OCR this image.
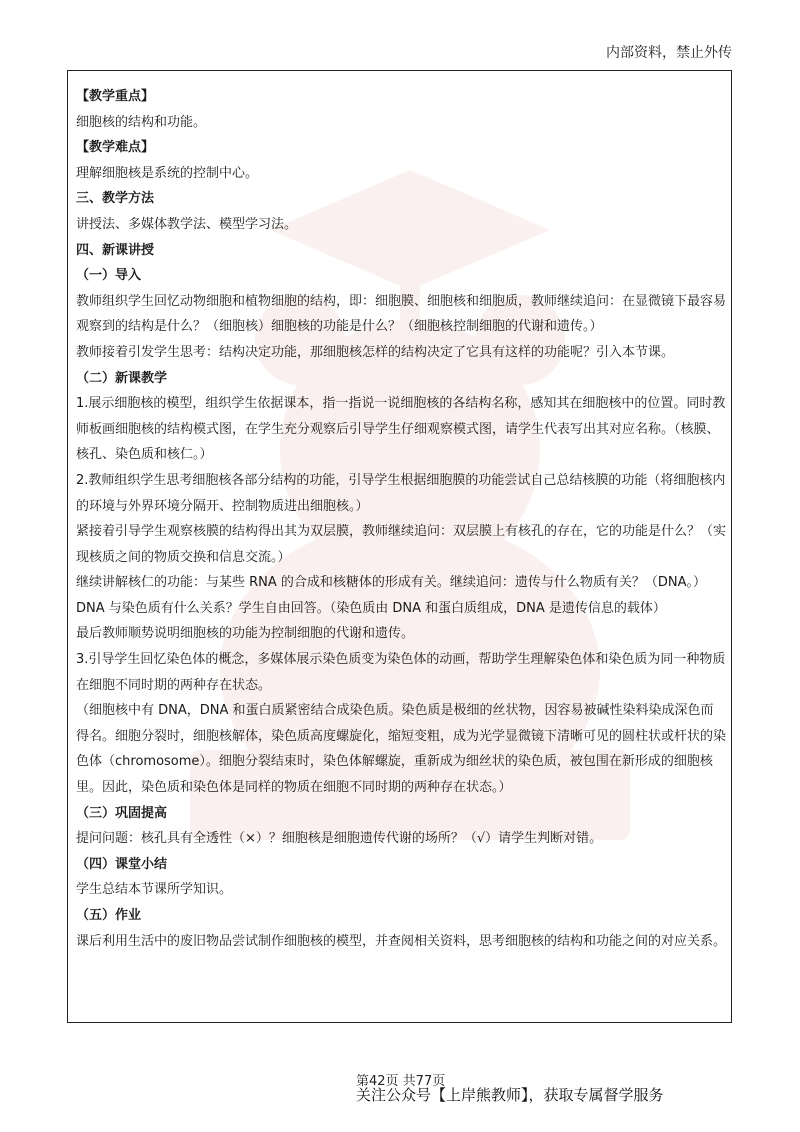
内部资料，禁止外传

【教学重点】

细胞核的结构和功能。

【教学难点】

理解细胞核是系统的控制中心。

三、教学方法

讲授法、多媒体教学法、模型学习法。

四、新课讲授

（一）导入

教师组织学生回忆动物细胞和植物细胞的结构，即：细胞膜、细胞核和细胞质，教师继续追问：在显微镜下最容易观察到的结构是什么？（细胞核）细胞核的功能是什么？（细胞核控制细胞的代谢和遗传。）

教师接着引发学生思考：结构决定功能，那细胞核怎样的结构决定了它具有这样的功能呢？引入本节课。

（二）新课教学

1.展示细胞核的模型，组织学生依据课本，指一指说一说细胞核的各结构名称，感知其在细胞核中的位置。同时教师板画细胞核的结构模式图，在学生充分观察后引导学生仔细观察模式图，请学生代表写出其对应名称。（核膜、核孔、染色质和核仁。）

2.教师组织学生思考细胞核各部分结构的功能，引导学生根据细胞膜的功能尝试自己总结核膜的功能（将细胞核内的环境与外界环境分隔开、控制物质进出细胞核。）

紧接着引导学生观察核膜的结构得出其为双层膜，教师继续追问：双层膜上有核孔的存在，它的功能是什么？（实现核质之间的物质交换和信息交流。）

继续讲解核仁的功能：与某些 RNA 的合成和核糖体的形成有关。继续追问：遗传与什么物质有关？（DNA。）DNA 与染色质有什么关系？学生自由回答。（染色质由 DNA 和蛋白质组成，DNA 是遗传信息的载体）

最后教师顺势说明细胞核的功能为控制细胞的代谢和遗传。

3.引导学生回忆染色体的概念，多媒体展示染色质变为染色体的动画，帮助学生理解染色体和染色质为同一种物质在细胞不同时期的两种存在状态。

（细胞核中有 DNA，DNA 和蛋白质紧密结合成染色质。染色质是极细的丝状物，因容易被碱性染料染成深色而得名。细胞分裂时，细胞核解体，染色质高度螺旋化，缩短变粗，成为光学显微镜下清晰可见的圆柱状或杆状的染色体（chromosome）。细胞分裂结束时，染色体解螺旋，重新成为细丝状的染色质，被包围在新形成的细胞核里。因此，染色质和染色体是同样的物质在细胞不同时期的两种存在状态。）

（三）巩固提高

提问问题：核孔具有全透性（×）？细胞核是细胞遗传代谢的场所？（√）请学生判断对错。

（四）课堂小结

学生总结本节课所学知识。

（五）作业

课后利用生活中的废旧物品尝试制作细胞核的模型，并查阅相关资料，思考细胞核的结构和功能之间的对应关系。

第42页 共77页
关注公众号【上岸熊教师】，获取专属督学服务
